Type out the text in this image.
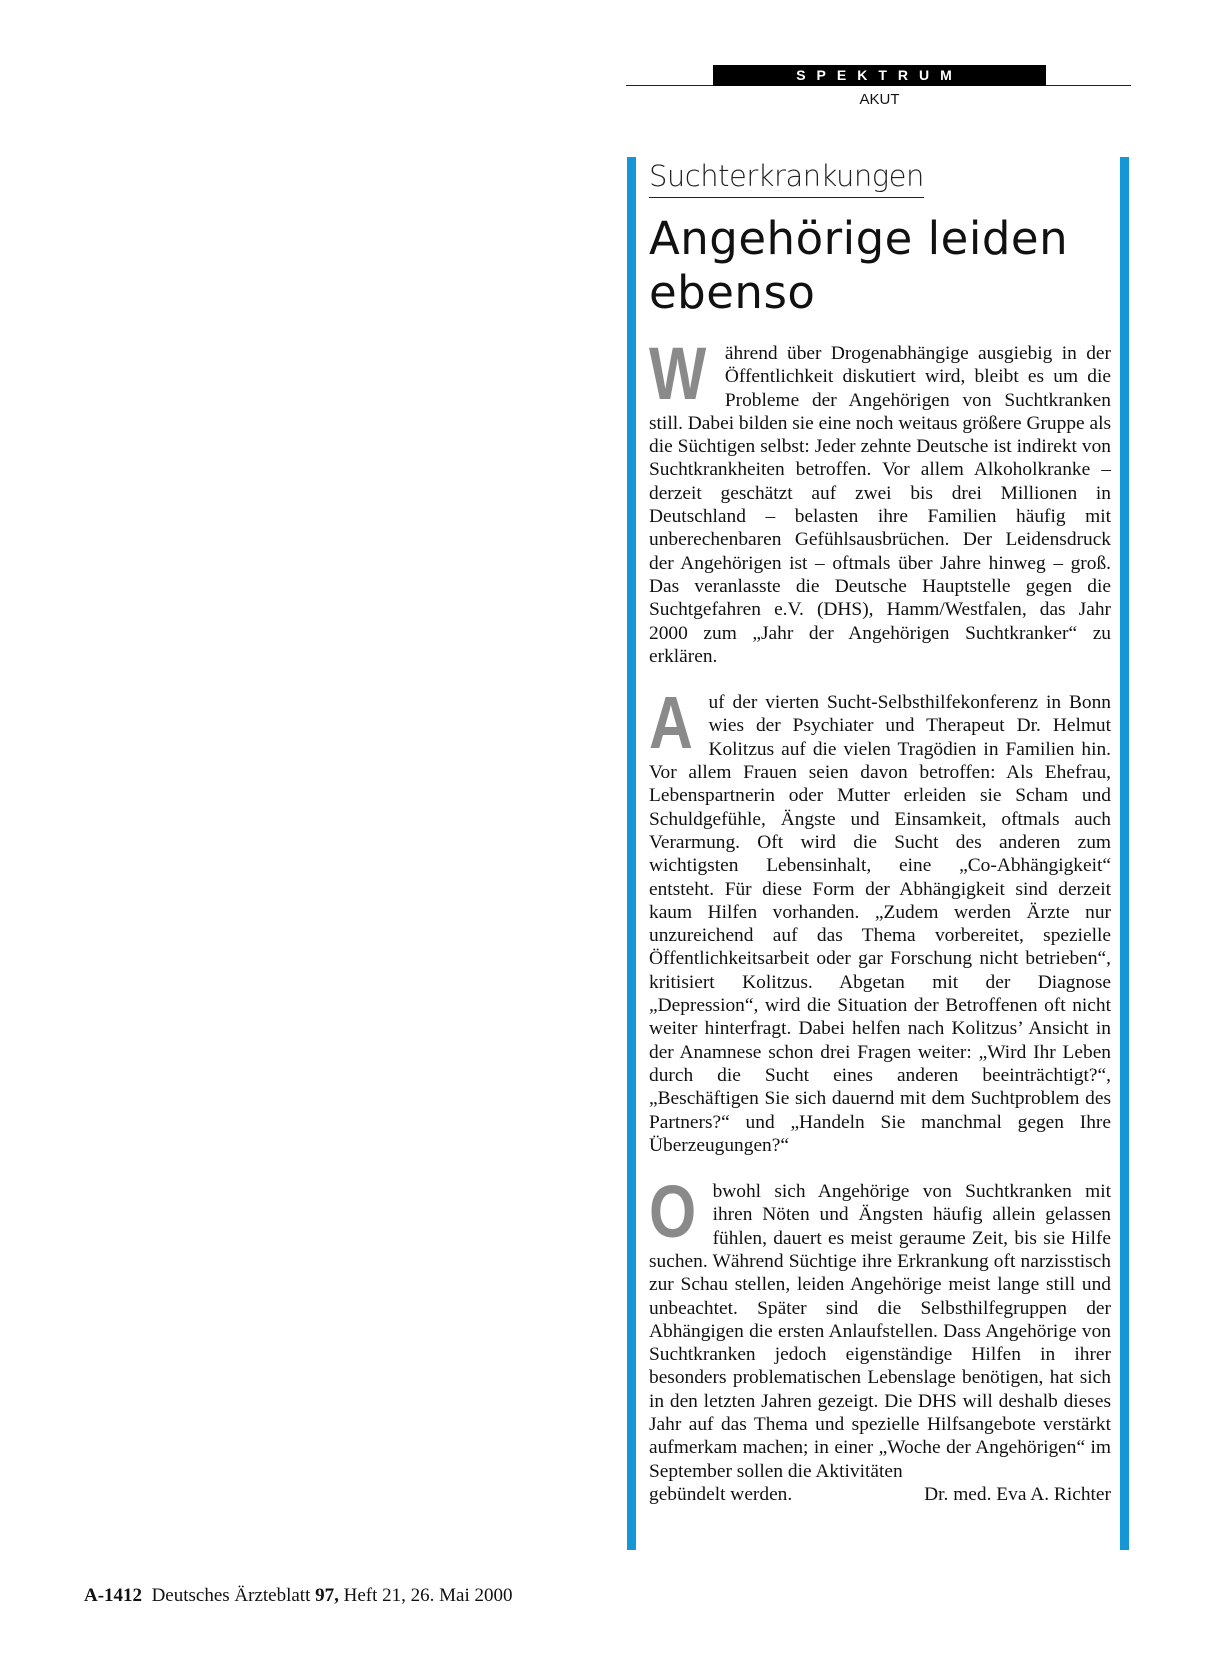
SPEKTRUM
AKUT
Suchterkrankungen
Angehörige leiden ebenso

Während über Drogenabhängige ausgiebig in der Öffentlichkeit diskutiert wird, bleibt es um die Probleme der Angehörigen von Suchtkranken still. Dabei bilden sie eine noch weitaus größere Gruppe als die Süchtigen selbst: Jeder zehnte Deutsche ist indirekt von Suchtkrankheiten betroffen. Vor allem Alkoholkranke – derzeit geschätzt auf zwei bis drei Millionen in Deutschland – belasten ihre Familien häufig mit unberechenbaren Gefühlsausbrüchen. Der Leidensdruck der Angehörigen ist – oftmals über Jahre hinweg – groß. Das veranlasste die Deutsche Hauptstelle gegen die Suchtgefahren e.V. (DHS), Hamm/Westfalen, das Jahr 2000 zum „Jahr der Angehörigen Suchtkranker“ zu erklären.

Auf der vierten Sucht-Selbsthilfekonferenz in Bonn wies der Psychiater und Therapeut Dr. Helmut Kolitzus auf die vielen Tragödien in Familien hin. Vor allem Frauen seien davon betroffen: Als Ehefrau, Lebenspartnerin oder Mutter erleiden sie Scham und Schuldgefühle, Ängste und Einsamkeit, oftmals auch Verarmung. Oft wird die Sucht des anderen zum wichtigsten Lebensinhalt, eine „Co-Abhängigkeit“ entsteht. Für diese Form der Abhängigkeit sind derzeit kaum Hilfen vorhanden. „Zudem werden Ärzte nur unzureichend auf das Thema vorbereitet, spezielle Öffentlichkeitsarbeit oder gar Forschung nicht betrieben“, kritisiert Kolitzus. Abgetan mit der Diagnose „Depression“, wird die Situation der Betroffenen oft nicht weiter hinterfragt. Dabei helfen nach Kolitzus’ Ansicht in der Anamnese schon drei Fragen weiter: „Wird Ihr Leben durch die Sucht eines anderen beeinträchtigt?“, „Beschäftigen Sie sich dauernd mit dem Suchtproblem des Partners?“ und „Handeln Sie manchmal gegen Ihre Überzeugungen?“

Obwohl sich Angehörige von Suchtkranken mit ihren Nöten und Ängsten häufig allein gelassen fühlen, dauert es meist geraume Zeit, bis sie Hilfe suchen. Während Süchtige ihre Erkrankung oft narzisstisch zur Schau stellen, leiden Angehörige meist lange still und unbeachtet. Später sind die Selbsthilfegruppen der Abhängigen die ersten Anlaufstellen. Dass Angehörige von Suchtkranken jedoch eigenständige Hilfen in ihrer besonders problematischen Lebenslage benötigen, hat sich in den letzten Jahren gezeigt. Die DHS will deshalb dieses Jahr auf das Thema und spezielle Hilfsangebote verstärkt aufmerkam machen; in einer „Woche der Angehörigen“ im September sollen die Aktivitäten

gebündelt werden.	Dr. med. Eva A. Richter
A-1412 Deutsches Ärzteblatt 97, Heft 21, 26. Mai 2000
